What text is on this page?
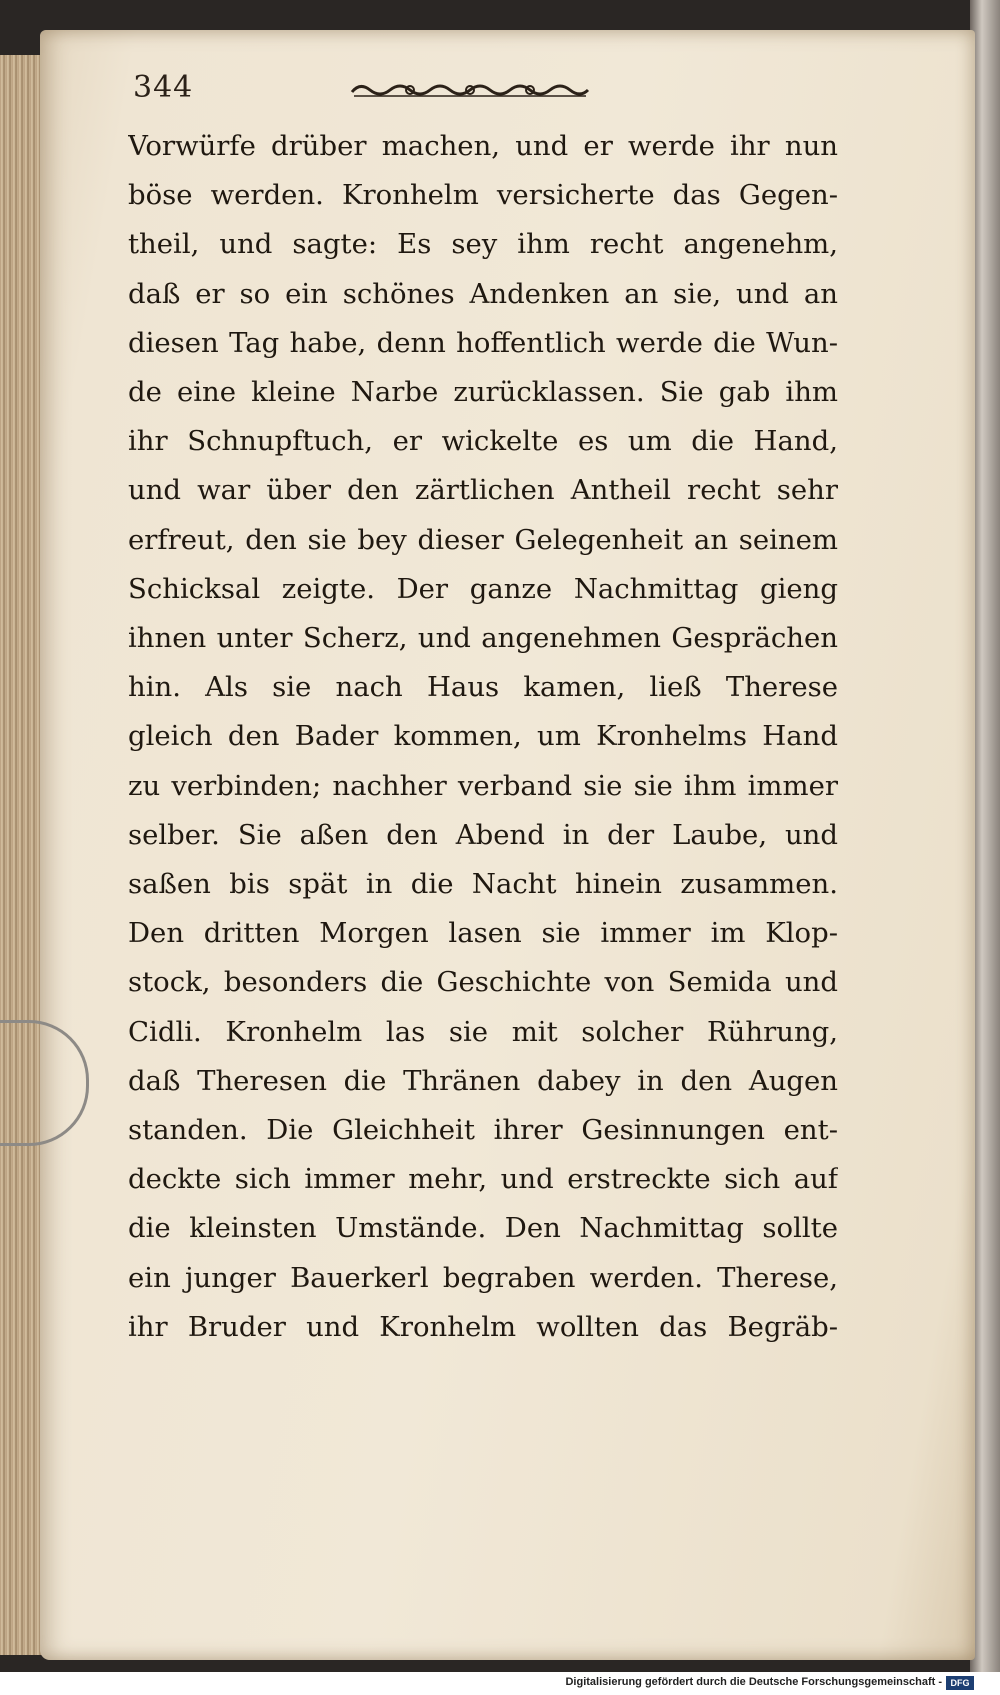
344
Vorwürfe drüber machen, und er werde ihr nun
böse werden. Kronhelm versicherte das Gegen-
theil, und sagte: Es sey ihm recht angenehm,
daß er so ein schönes Andenken an sie, und an
diesen Tag habe, denn hoffentlich werde die Wun-
de eine kleine Narbe zurücklassen. Sie gab ihm
ihr Schnupftuch, er wickelte es um die Hand,
und war über den zärtlichen Antheil recht sehr
erfreut, den sie bey dieser Gelegenheit an seinem
Schicksal zeigte. Der ganze Nachmittag gieng
ihnen unter Scherz, und angenehmen Gesprächen
hin. Als sie nach Haus kamen, ließ Therese
gleich den Bader kommen, um Kronhelms Hand
zu verbinden; nachher verband sie sie ihm immer
selber. Sie aßen den Abend in der Laube, und
saßen bis spät in die Nacht hinein zusammen.
Den dritten Morgen lasen sie immer im Klop-
stock, besonders die Geschichte von Semida und
Cidli. Kronhelm las sie mit solcher Rührung,
daß Theresen die Thränen dabey in den Augen
standen. Die Gleichheit ihrer Gesinnungen ent-
deckte sich immer mehr, und erstreckte sich auf
die kleinsten Umstände. Den Nachmittag sollte
ein junger Bauerkerl begraben werden. Therese,
ihr Bruder und Kronhelm wollten das Begräb-
Digitalisierung gefördert durch die Deutsche Forschungsgemeinschaft - DFG
